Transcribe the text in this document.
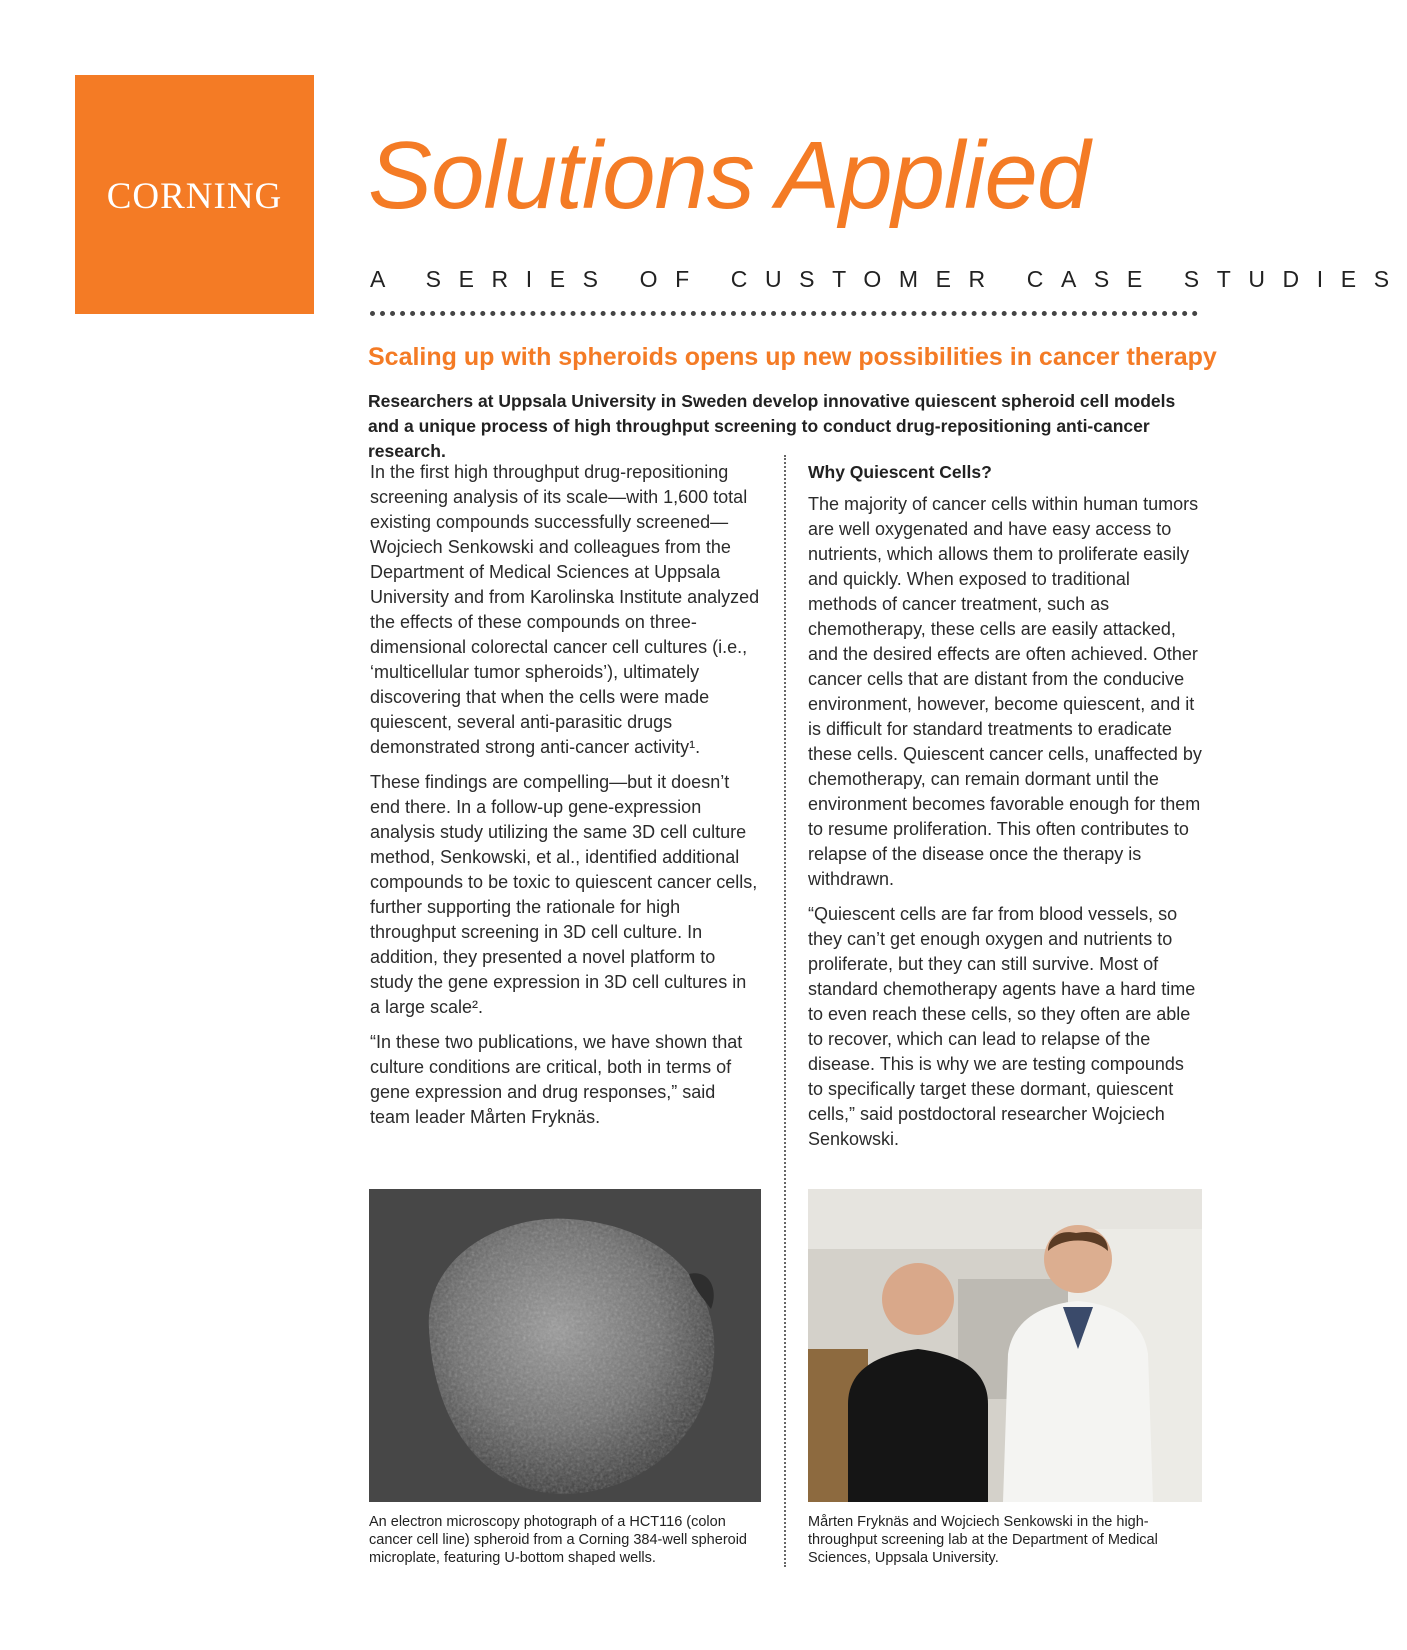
CORNING Solutions Applied
A SERIES OF CUSTOMER CASE STUDIES
Scaling up with spheroids opens up new possibilities in cancer therapy
Researchers at Uppsala University in Sweden develop innovative quiescent spheroid cell models and a unique process of high throughput screening to conduct drug-repositioning anti-cancer research.

In the first high throughput drug-repositioning screening analysis of its scale—with 1,600 total existing compounds successfully screened—Wojciech Senkowski and colleagues from the Department of Medical Sciences at Uppsala University and from Karolinska Institute analyzed the effects of these compounds on three-dimensional colorectal cancer cell cultures (i.e., ‘multicellular tumor spheroids’), ultimately discovering that when the cells were made quiescent, several anti-parasitic drugs demonstrated strong anti-cancer activity¹.

These findings are compelling—but it doesn’t end there. In a follow-up gene-expression analysis study utilizing the same 3D cell culture method, Senkowski, et al., identified additional compounds to be toxic to quiescent cancer cells, further supporting the rationale for high throughput screening in 3D cell culture. In addition, they presented a novel platform to study the gene expression in 3D cell cultures in a large scale².

“In these two publications, we have shown that culture conditions are critical, both in terms of gene expression and drug responses,” said team leader Mårten Fryknäs.

Why Quiescent Cells?

The majority of cancer cells within human tumors are well oxygenated and have easy access to nutrients, which allows them to proliferate easily and quickly. When exposed to traditional methods of cancer treatment, such as chemotherapy, these cells are easily attacked, and the desired effects are often achieved. Other cancer cells that are distant from the conducive environment, however, become quiescent, and it is difficult for standard treatments to eradicate these cells. Quiescent cancer cells, unaffected by chemotherapy, can remain dormant until the environment becomes favorable enough for them to resume proliferation. This often contributes to relapse of the disease once the therapy is withdrawn.

“Quiescent cells are far from blood vessels, so they can’t get enough oxygen and nutrients to proliferate, but they can still survive. Most of standard chemotherapy agents have a hard time to even reach these cells, so they often are able to recover, which can lead to relapse of the disease. This is why we are testing compounds to specifically target these dormant, quiescent cells,” said postdoctoral researcher Wojciech Senkowski.

An electron microscopy photograph of a HCT116 (colon cancer cell line) spheroid from a Corning 384-well spheroid microplate, featuring U-bottom shaped wells.
Mårten Fryknäs and Wojciech Senkowski in the high-throughput screening lab at the Department of Medical Sciences, Uppsala University.
